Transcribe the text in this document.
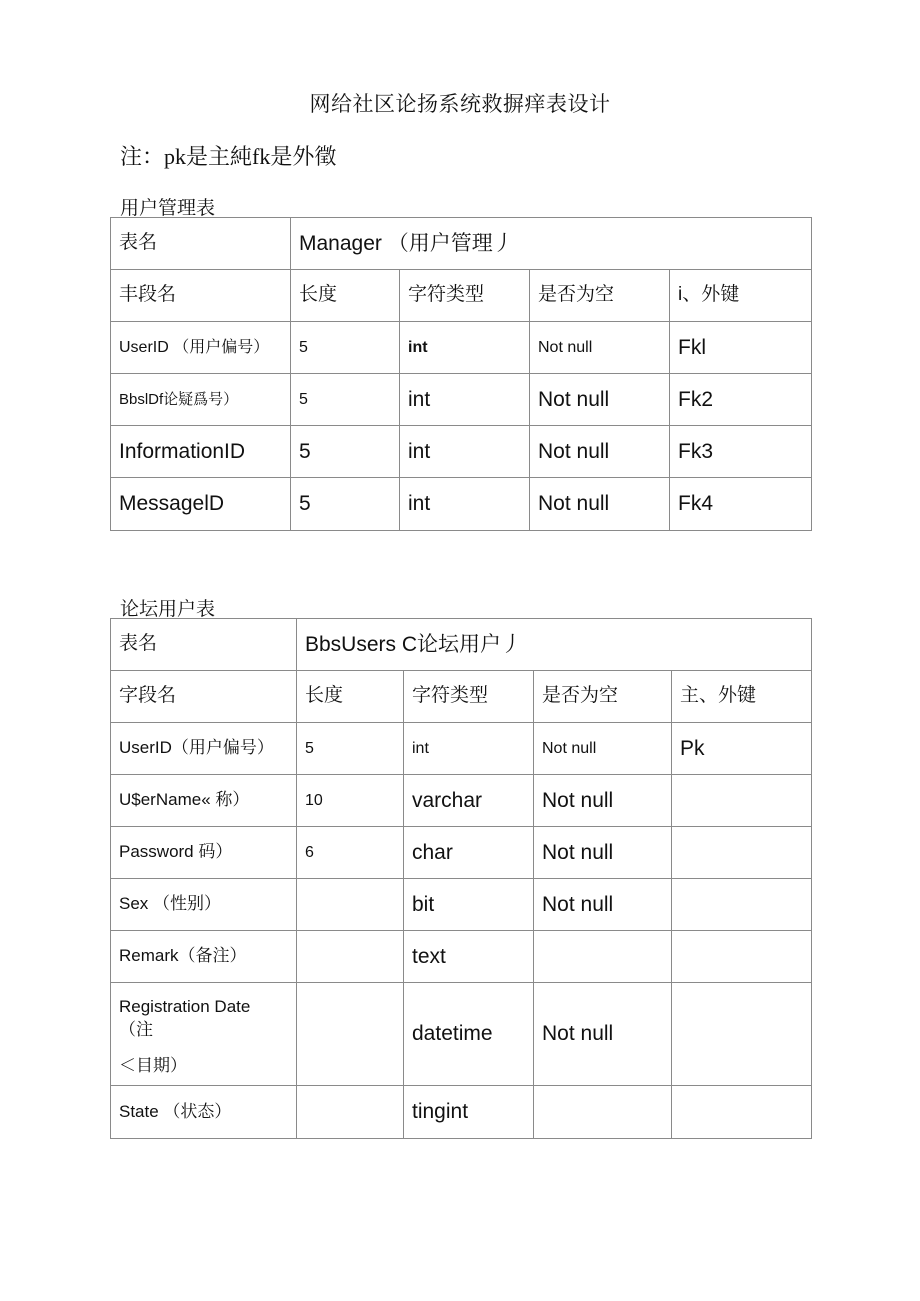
网给社区论扬系统救摒痒表设计
注：pk是主純fk是外徵
用户管理表
表名	Manager （用户管理丿			
丰段名	长度	字符类型	是否为空	i、外键
UserID （用户偏号）	5	int	Not null	Fkl
BbslDf论疑爲号）	5	int	Not null	Fk2
InformationID	5	int	Not null	Fk3
MessagelD	5	int	Not null	Fk4
论坛用户表
表名	BbsUsers C论坛用户丿			
字段名	长度	字符类型	是否为空	主、外键
UserID（用户偏号）	5	int	Not null	Pk
U$erName« 称）	10	varchar	Not null	
Password 码）	6	char	Not null	
Sex （性别）		bit	Not null	
Remark（备注）		text		

Registration Date
（注
＜目期）		datetime	Not null	
State （状态）		tingint		
